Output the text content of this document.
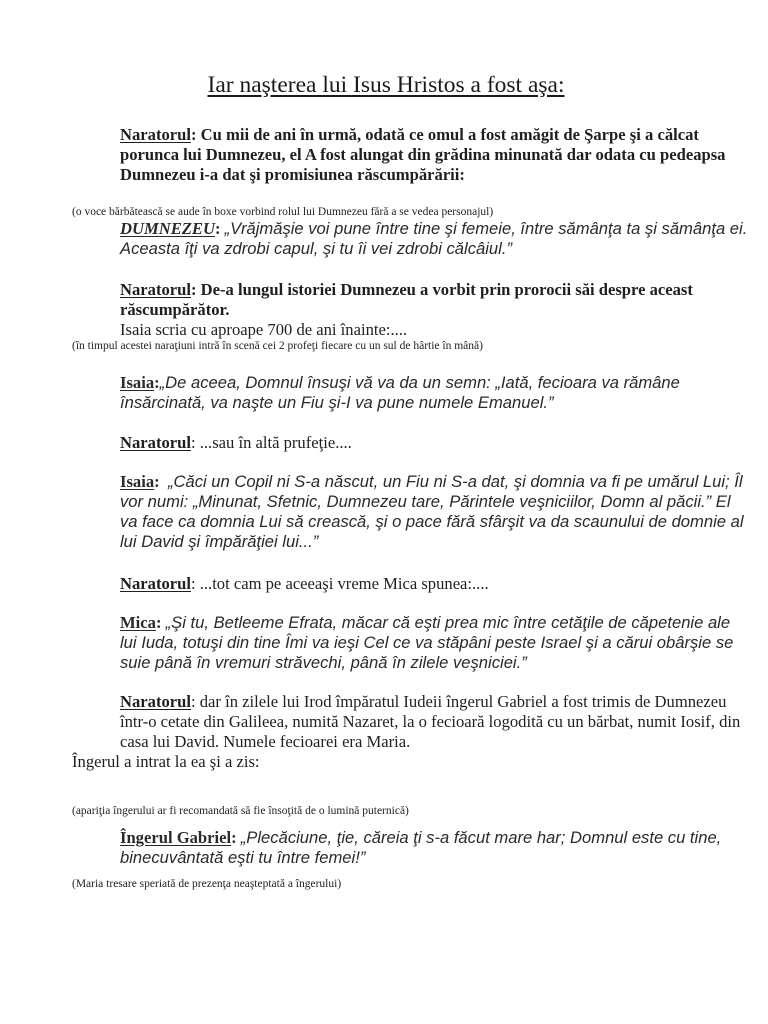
Iar naşterea lui Isus Hristos a fost aşa:

Naratorul: Cu mii de ani în urmă, odată ce omul a fost amăgit de Şarpe şi a călcat porunca lui Dumnezeu, el A fost alungat din grădina minunată dar odata cu pedeapsa Dumnezeu i-a dat şi promisiunea răscumpărării:

(o voce bărbătească se aude în boxe vorbind rolul lui Dumnezeu fără a se vedea personajul)

DUMNEZEU: „Vrăjmăşie voi pune între tine şi femeie, între sămânţa ta şi sămânţa ei. Aceasta îţi va zdrobi capul, şi tu îi vei zdrobi călcâiul.”

Naratorul: De-a lungul istoriei Dumnezeu a vorbit prin prorocii săi despre aceast răscumpărător.

Isaia scria cu aproape 700 de ani înainte:....

(în timpul acestei naraţiuni intră în scenă cei 2 profeţi fiecare cu un sul de hârtie în mână)

Isaia:„De aceea, Domnul însuşi vă va da un semn: „Iată, fecioara va rămâne însărcinată, va naşte un Fiu şi-I va pune numele Emanuel.”

Naratorul: ...sau în altă prufeţie....

Isaia:  „Căci un Copil ni S-a născut, un Fiu ni S-a dat, şi domnia va fi pe umărul Lui; Îl vor numi: „Minunat, Sfetnic, Dumnezeu tare, Părintele veşniciilor, Domn al păcii.” El va face ca domnia Lui să crească, şi o pace fără sfârşit va da scaunului de domnie al lui David şi împărăţiei lui...”

Naratorul: ...tot cam pe aceeaşi vreme Mica spunea:....

Mica: „Şi tu, Betleeme Efrata, măcar că eşti prea mic între cetăţile de căpetenie ale lui Iuda, totuşi din tine Îmi va ieşi Cel ce va stăpâni peste Israel şi a cărui obârşie se suie până în vremuri străvechi, până în zilele veşniciei.”

Naratorul: dar în zilele lui Irod împăratul Iudeii îngerul Gabriel a fost trimis de Dumnezeu într-o cetate din Galileea, numită Nazaret, la o fecioară logodită cu un bărbat, numit Iosif, din casa lui David. Numele fecioarei era Maria.

Îngerul a intrat la ea şi a zis:

(apariţia îngerului ar fi recomandată să fie însoţită de o lumină puternică)

Îngerul Gabriel: „Plecăciune, ţie, căreia ţi s-a făcut mare har; Domnul este cu tine, binecuvântată eşti tu între femei!”

(Maria tresare speriată de prezenţa neaşteptată a îngerului)
